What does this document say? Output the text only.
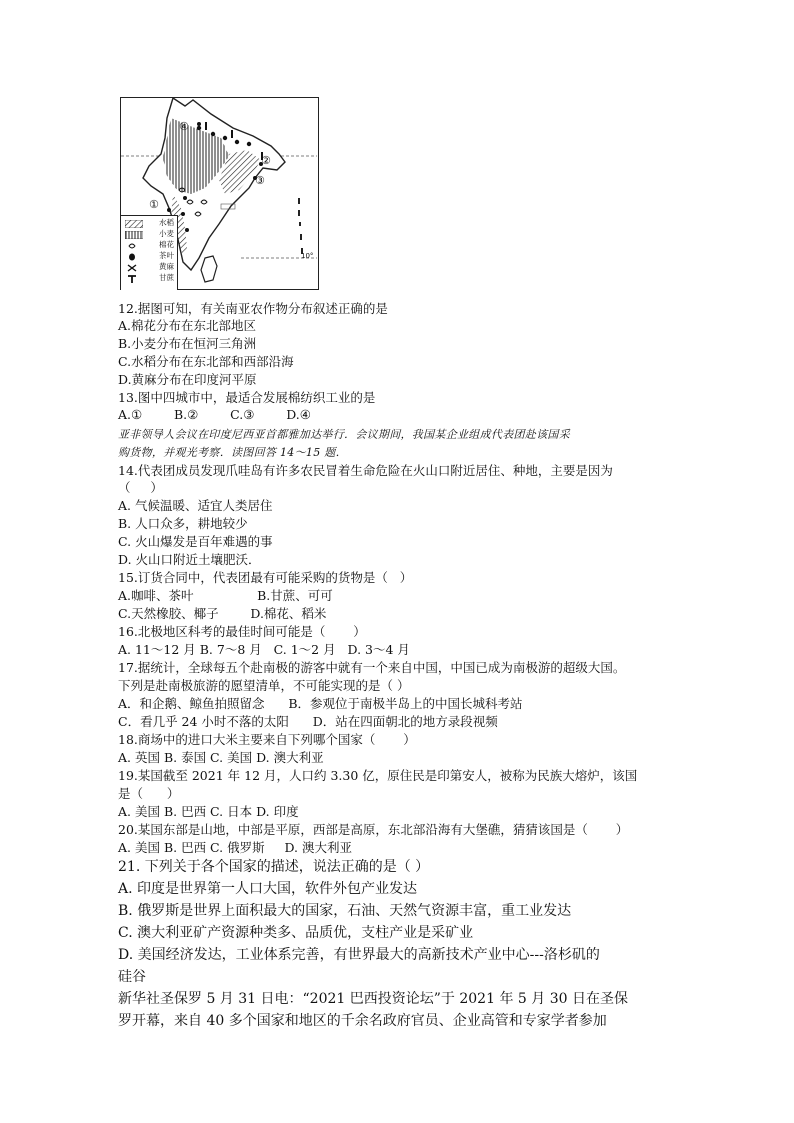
④
②
③
①
10°
水稻
小麦
棉花
茶叶
黄麻
甘蔗
12.据图可知，有关南亚农作物分布叙述正确的是
A.棉花分布在东北部地区
B.小麦分布在恒河三角洲
C.水稻分布在东北部和西部沿海
D.黄麻分布在印度河平原
13.图中四城市中，最适合发展棉纺织工业的是
A.①        B.②        C.③        D.④
亚非领导人会议在印度尼西亚首都雅加达举行．会议期间，我国某企业组成代表团赴该国采
购货物，并观光考察．读图回答 14～15 题．
14.代表团成员发现爪哇岛有许多农民冒着生命危险在火山口附近居住、种地，主要是因为
（     ）
A. 气候温暖、适宜人类居住
B. 人口众多，耕地较少
C. 火山爆发是百年难遇的事
D. 火山口附近土壤肥沃．
15.订货合同中，代表团最有可能采购的货物是（   ）
A.咖啡、茶叶                B.甘蔗、可可
C.天然橡胶、椰子        D.棉花、稻米
16.北极地区科考的最佳时间可能是（       ）
A. 11～12 月 B. 7～8 月   C. 1～2 月   D. 3～4 月
17.据统计，全球每五个赴南极的游客中就有一个来自中国，中国已成为南极游的超级大国。
下列是赴南极旅游的愿望清单，不可能实现的是（ ）
A．和企鹅、鲸鱼拍照留念      B．参观位于南极半岛上的中国长城科考站
C．看几乎 24 小时不落的太阳      D．站在四面朝北的地方录段视频
18.商场中的进口大米主要来自下列哪个国家（       ）
A. 英国 B. 泰国 C. 美国 D. 澳大利亚
19.某国截至 2021 年 12 月，人口约 3.30 亿，原住民是印第安人，被称为民族大熔炉，该国
是（      ）
A. 美国 B. 巴西 C. 日本 D. 印度
20.某国东部是山地，中部是平原，西部是高原，东北部沿海有大堡礁，猜猜该国是（       ）
A. 美国 B. 巴西 C. 俄罗斯     D. 澳大利亚
21. 下列关于各个国家的描述，说法正确的是（ ）
A. 印度是世界第一人口大国，软件外包产业发达
B. 俄罗斯是世界上面积最大的国家，石油、天然气资源丰富，重工业发达
C. 澳大利亚矿产资源种类多、品质优，支柱产业是采矿业
D. 美国经济发达，工业体系完善，有世界最大的高新技术产业中心---洛杉矶的
硅谷
新华社圣保罗 5 月 31 日电：“2021 巴西投资论坛”于 2021 年 5 月 30 日在圣保
罗开幕，来自 40 多个国家和地区的千余名政府官员、企业高管和专家学者参加
